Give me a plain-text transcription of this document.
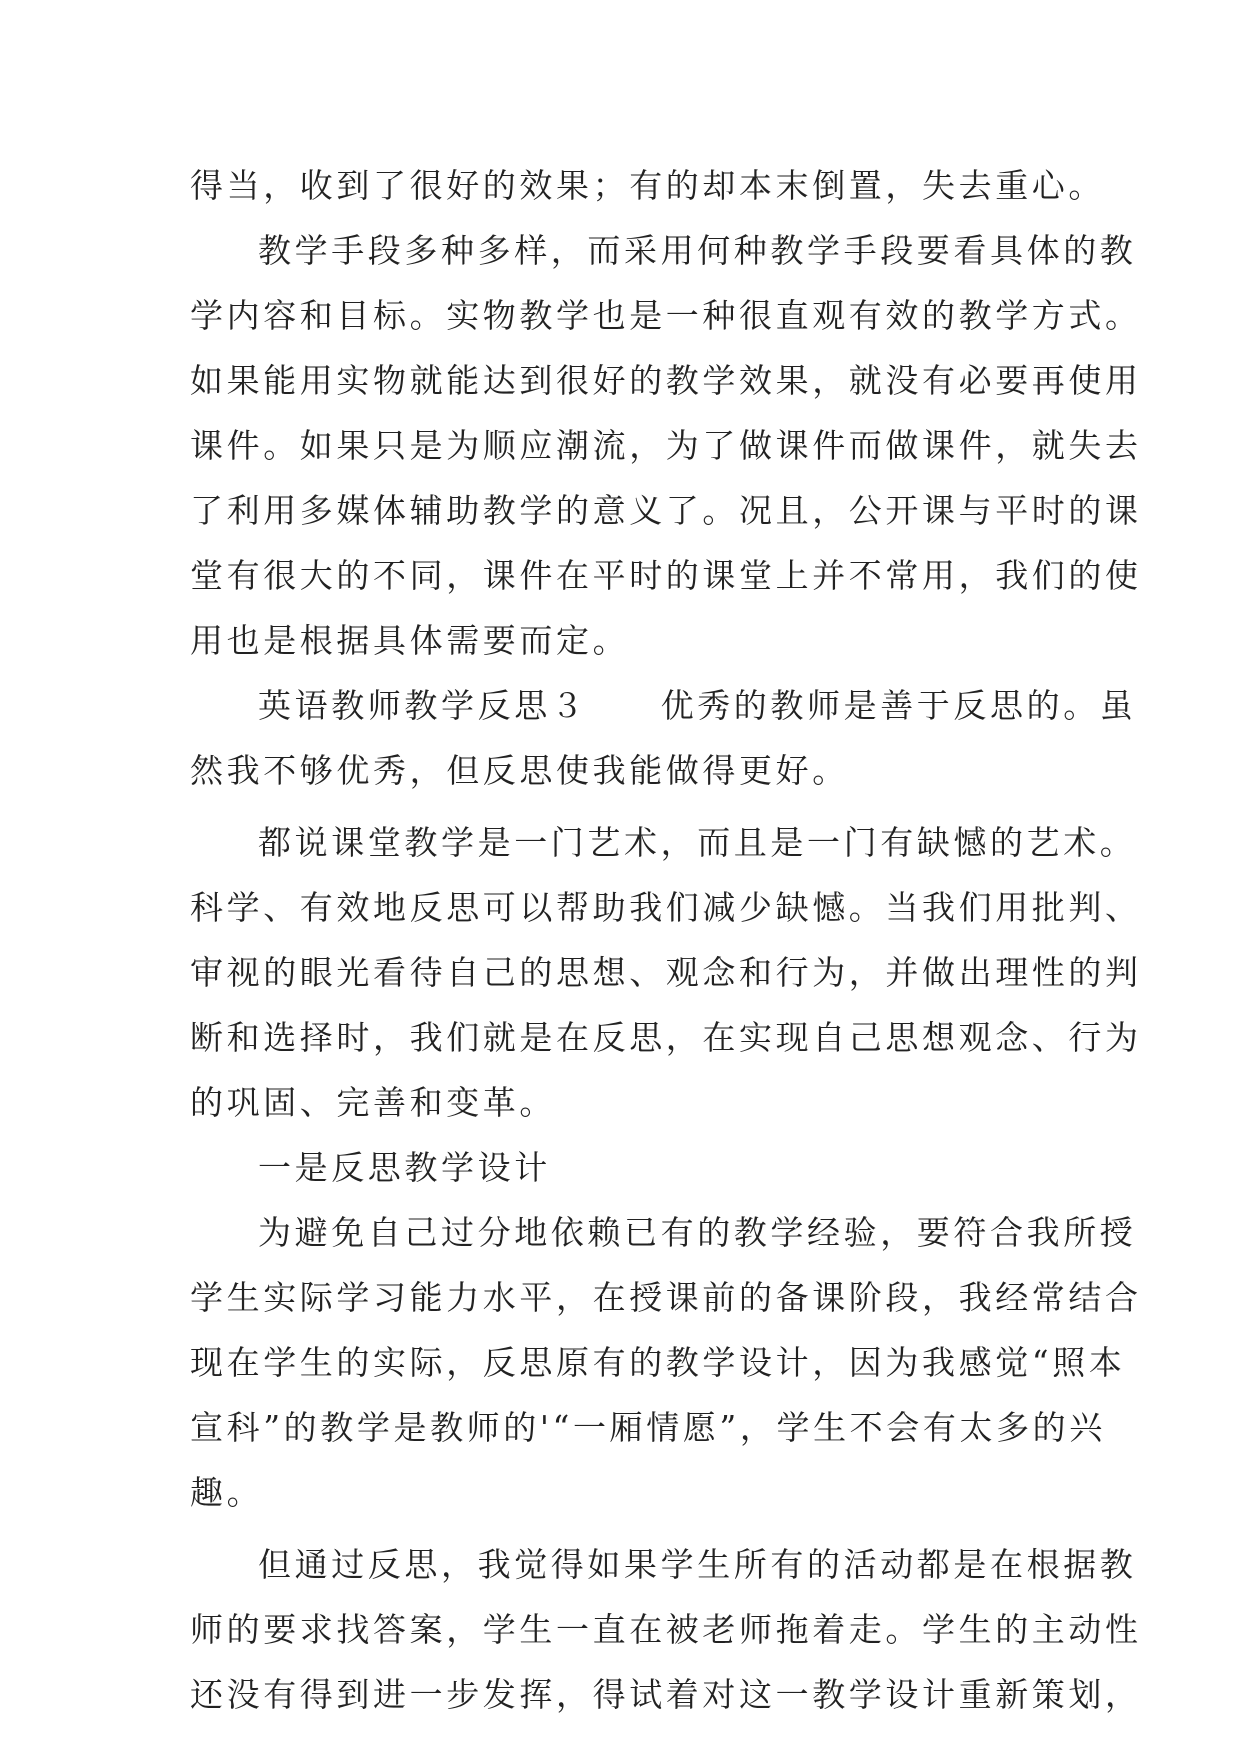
得当，收到了很好的效果；有的却本末倒置，失去重心。
教学手段多种多样，而采用何种教学手段要看具体的教
学内容和目标。实物教学也是一种很直观有效的教学方式。
如果能用实物就能达到很好的教学效果，就没有必要再使用
课件。如果只是为顺应潮流，为了做课件而做课件，就失去
了利用多媒体辅助教学的意义了。况且，公开课与平时的课
堂有很大的不同，课件在平时的课堂上并不常用，我们的使
用也是根据具体需要而定。
英语教师教学反思３　　优秀的教师是善于反思的。虽
然我不够优秀，但反思使我能做得更好。
都说课堂教学是一门艺术，而且是一门有缺憾的艺术。
科学、有效地反思可以帮助我们减少缺憾。当我们用批判、
审视的眼光看待自己的思想、观念和行为，并做出理性的判
断和选择时，我们就是在反思，在实现自己思想观念、行为
的巩固、完善和变革。
一是反思教学设计
为避免自己过分地依赖已有的教学经验，要符合我所授
学生实际学习能力水平，在授课前的备课阶段，我经常结合
现在学生的实际，反思原有的教学设计，因为我感觉“照本
宣科”的教学是教师的'“一厢情愿”，学生不会有太多的兴
趣。
但通过反思，我觉得如果学生所有的活动都是在根据教
师的要求找答案，学生一直在被老师拖着走。学生的主动性
还没有得到进一步发挥，得试着对这一教学设计重新策划，
